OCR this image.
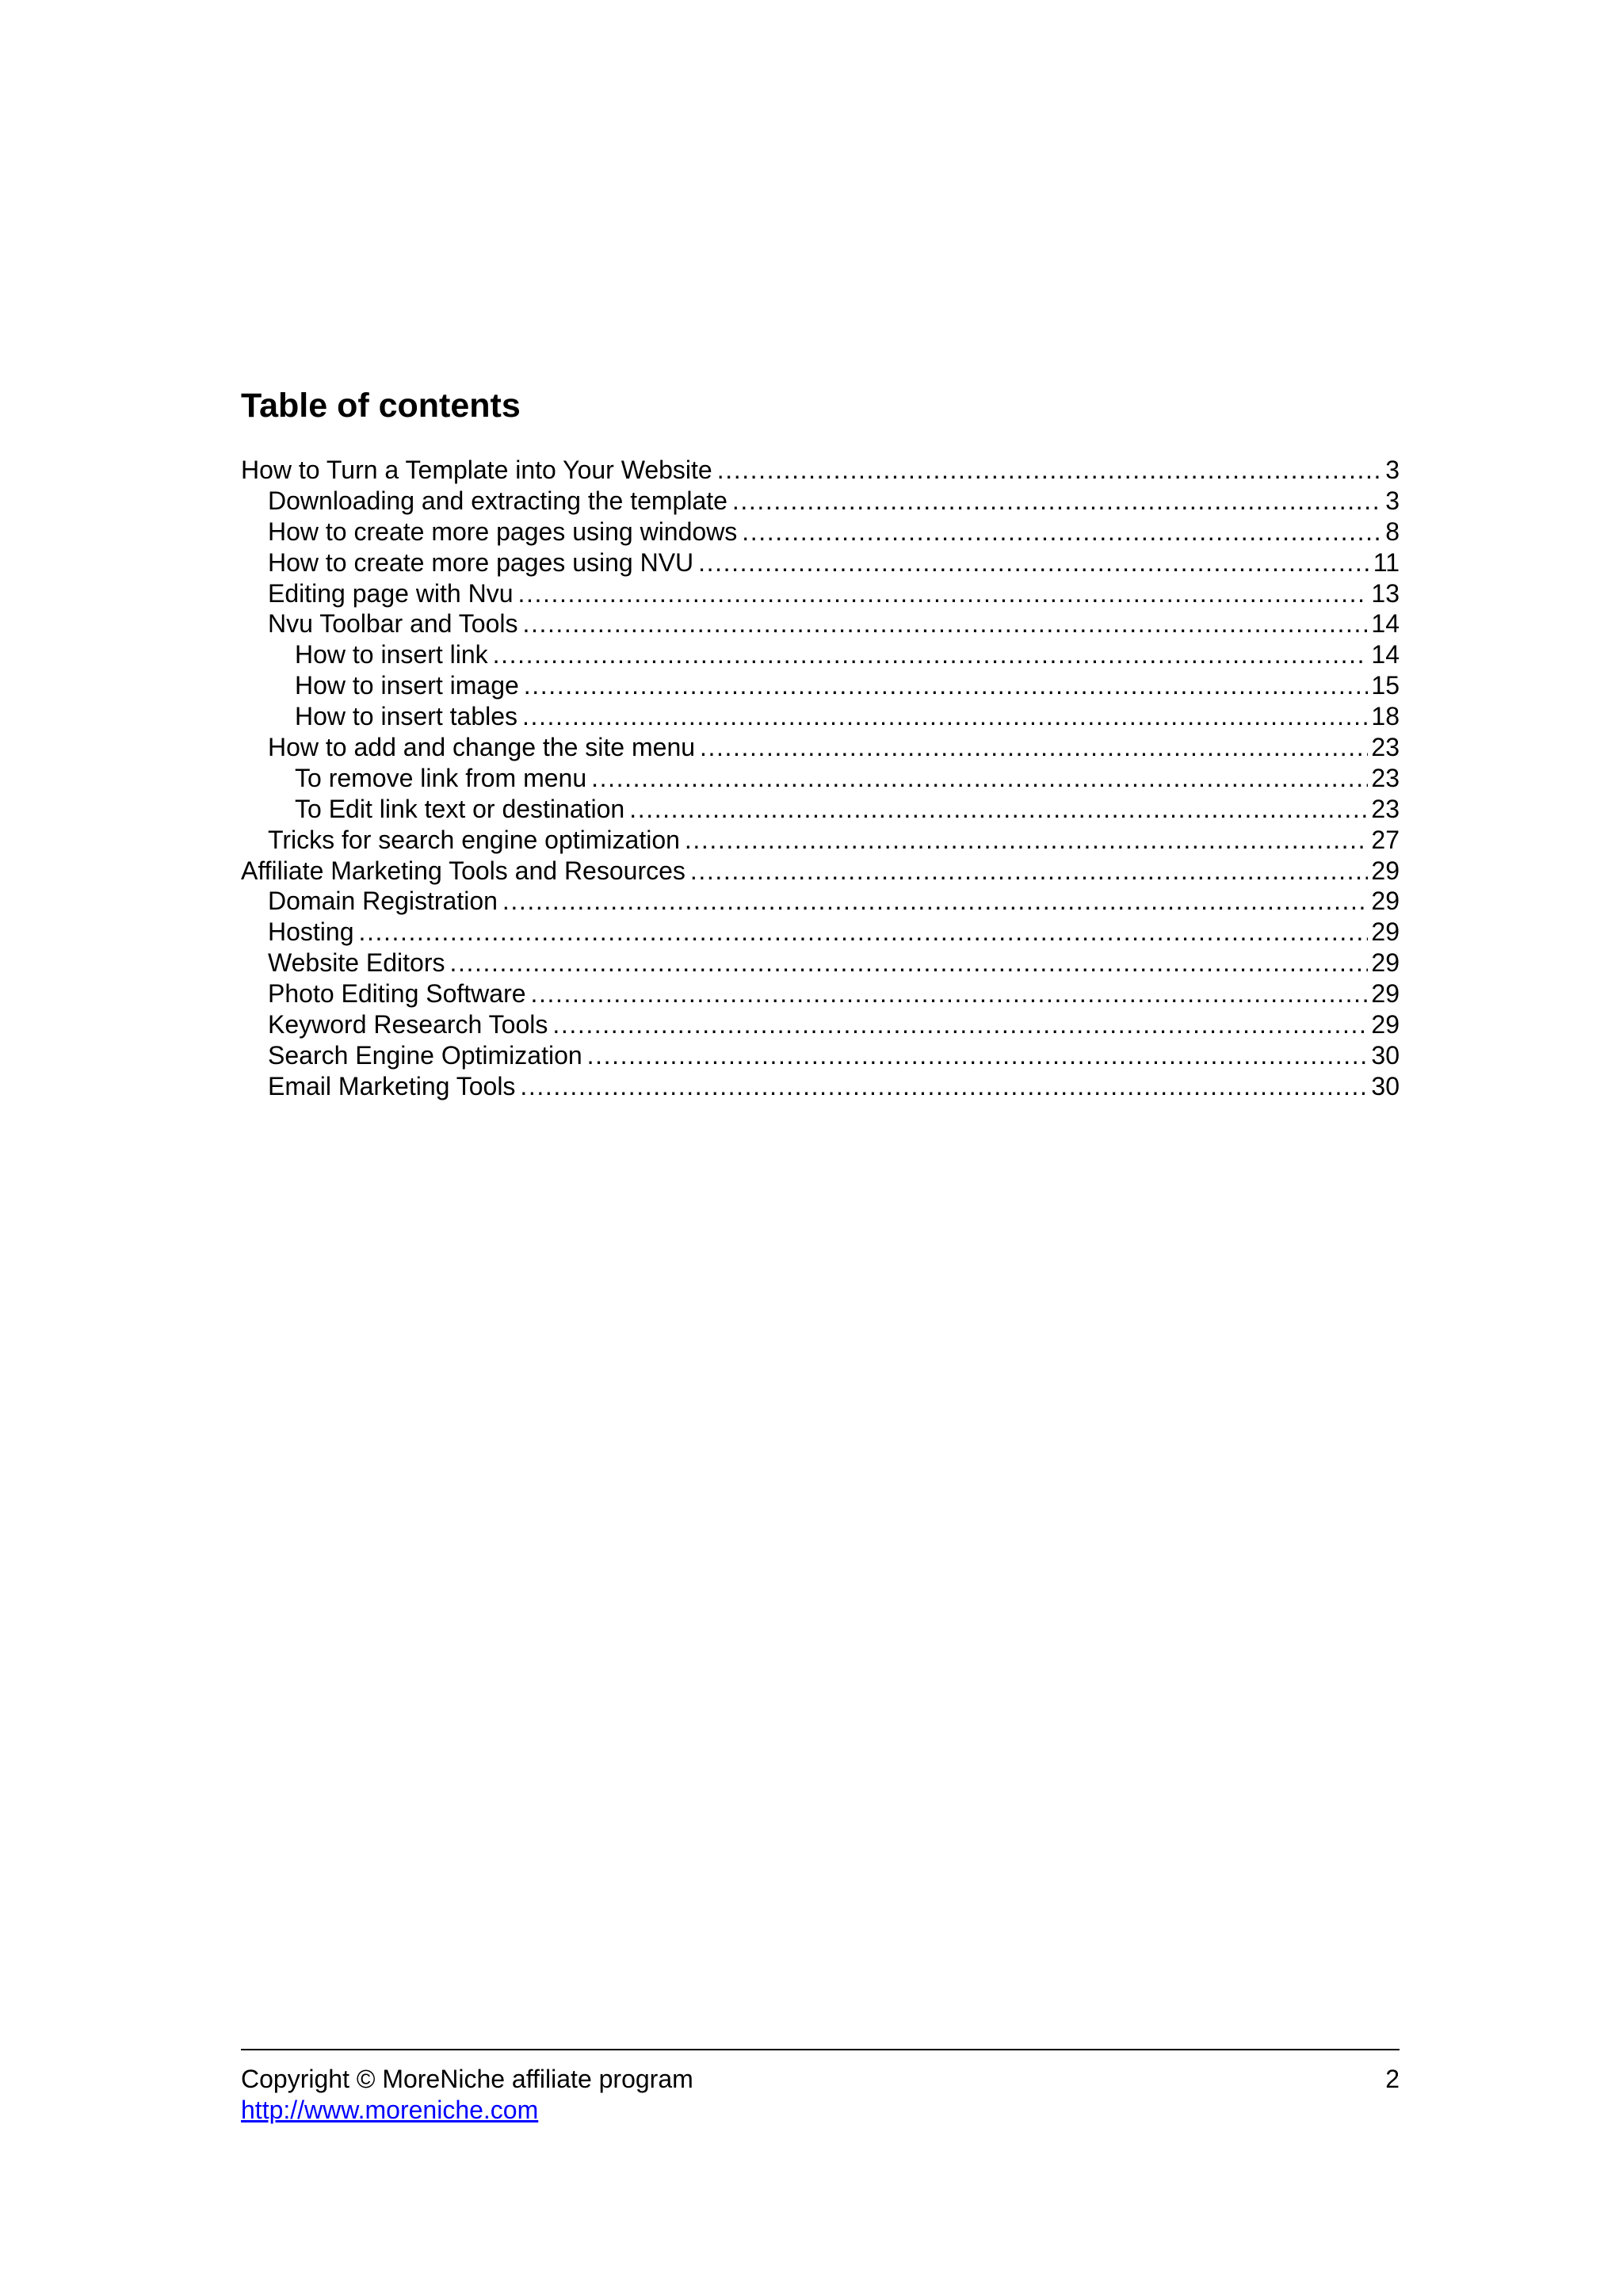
Table of contents
How to Turn a Template into Your Website .....	3
Downloading and extracting the template .....	3
How to create more pages using windows .....	8
How to create more pages using NVU .....	11
Editing page with Nvu .....	13
Nvu Toolbar and Tools .....	14
How to insert link .....	14
How to insert image .....	15
How to insert tables .....	18
How to add and change the site menu .....	23
To remove link from menu .....	23
To Edit link text or destination .....	23
Tricks for search engine optimization .....	27
Affiliate Marketing Tools and Resources .....	29
Domain Registration .....	29
Hosting .....	29
Website Editors .....	29
Photo Editing Software .....	29
Keyword Research Tools .....	29
Search Engine Optimization .....	30
Email Marketing Tools .....	30
Copyright © MoreNiche affiliate program
http://www.moreniche.com
2
